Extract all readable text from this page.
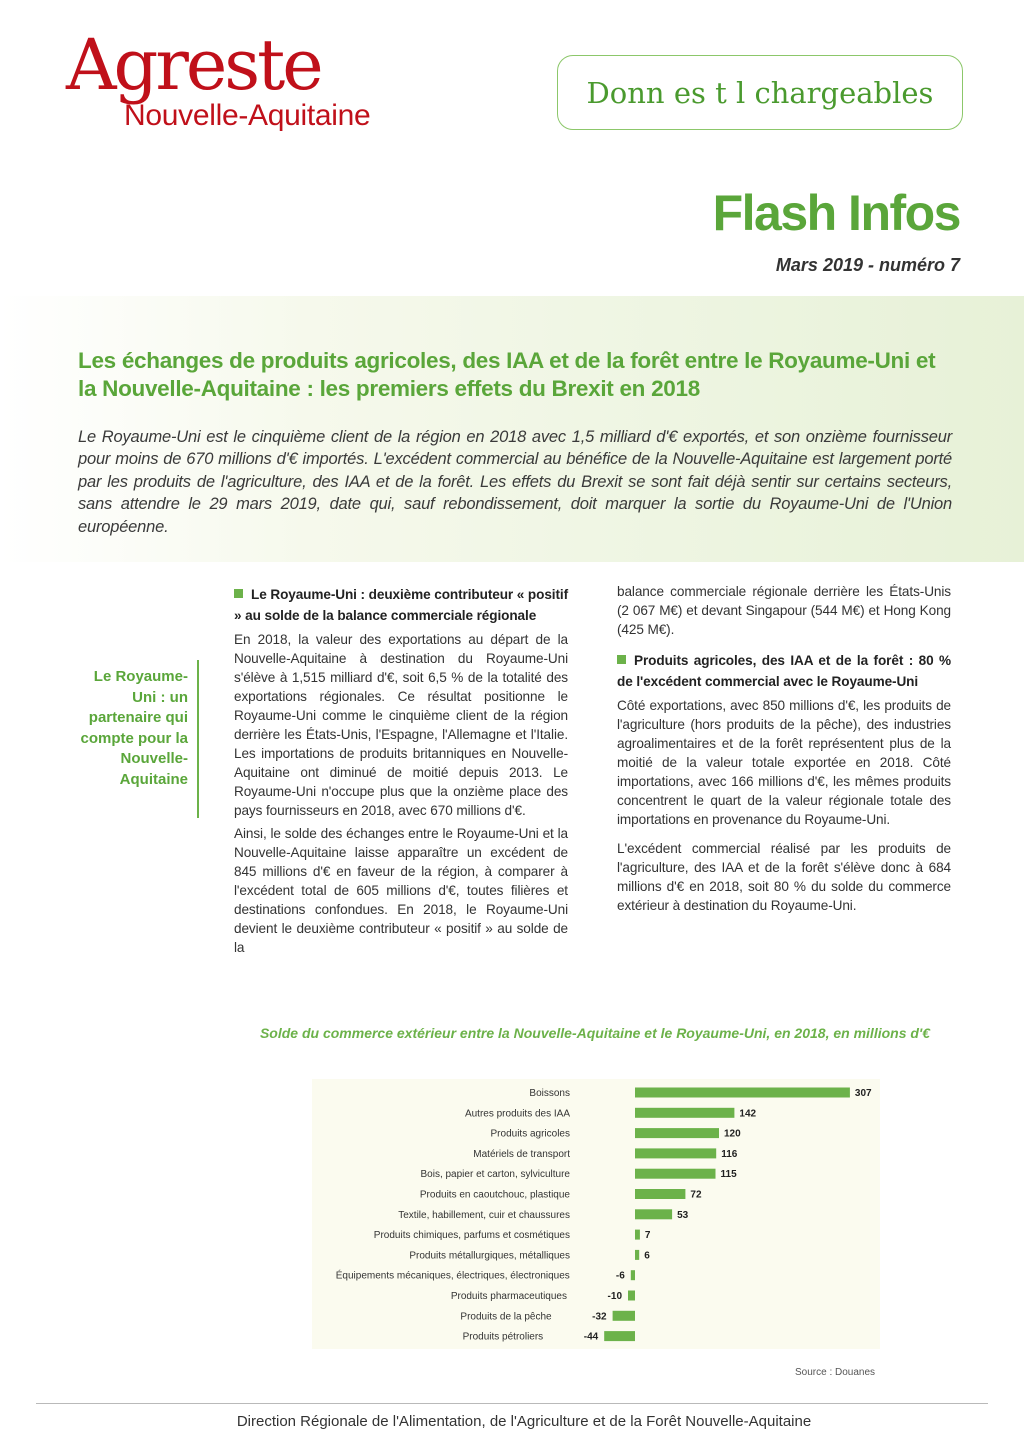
Agreste
Nouvelle-Aquitaine
Donn es t l chargeables
Flash Infos
Mars 2019 - numéro 7
Les échanges de produits agricoles, des IAA et de la forêt entre le Royaume-Uni et la Nouvelle-Aquitaine : les premiers effets du Brexit en 2018

Le Royaume-Uni est le cinquième client de la région en 2018 avec 1,5 milliard d'€ exportés, et son onzième fournisseur pour moins de 670 millions d'€ importés. L'excédent commercial au bénéfice de la Nouvelle-Aquitaine est largement porté par les produits de l'agriculture, des IAA et de la forêt. Les effets du Brexit se sont fait déjà sentir sur certains secteurs, sans attendre le 29 mars 2019, date qui, sauf rebondissement, doit marquer la sortie du Royaume-Uni de l'Union européenne.

Le Royaume-Uni : un partenaire qui compte pour la Nouvelle-Aquitaine

Le Royaume-Uni : deuxième contributeur « positif » au solde de la balance commerciale régionale

En 2018, la valeur des exportations au départ de la Nouvelle-Aquitaine à destination du Royaume-Uni s'élève à 1,515 milliard d'€, soit 6,5 % de la totalité des exportations régionales. Ce résultat positionne le Royaume-Uni comme le cinquième client de la région derrière les États-Unis, l'Espagne, l'Allemagne et l'Italie. Les importations de produits britanniques en Nouvelle-Aquitaine ont diminué de moitié depuis 2013. Le Royaume-Uni n'occupe plus que la onzième place des pays fournisseurs en 2018, avec 670 millions d'€.

Ainsi, le solde des échanges entre le Royaume-Uni et la Nouvelle-Aquitaine laisse apparaître un excédent de 845 millions d'€ en faveur de la région, à comparer à l'excédent total de 605 millions d'€, toutes filières et destinations confondues. En 2018, le Royaume-Uni devient le deuxième contributeur « positif » au solde de la

balance commerciale régionale derrière les États-Unis (2 067 M€) et devant Singapour (544 M€) et Hong Kong (425 M€).

Produits agricoles, des IAA et de la forêt : 80 % de l'excédent commercial avec le Royaume-Uni

Côté exportations, avec 850 millions d'€, les produits de l'agriculture (hors produits de la pêche), des industries agroalimentaires et de la forêt représentent plus de la moitié de la valeur totale exportée en 2018. Côté importations, avec 166 millions d'€, les mêmes produits concentrent le quart de la valeur régionale totale des importations en provenance du Royaume-Uni.

L'excédent commercial réalisé par les produits de l'agriculture, des IAA et de la forêt s'élève donc à 684 millions d'€ en 2018, soit 80 % du solde du commerce extérieur à destination du Royaume-Uni.

Solde du commerce extérieur entre la Nouvelle-Aquitaine et le Royaume-Uni, en 2018, en millions d'€

Boissons	307
Autres produits des IAA	142
Produits agricoles	120
Matériels de transport	116
Bois, papier et carton, sylviculture	115
Produits en caoutchouc, plastique	72
Textile, habillement, cuir et chaussures	53
Produits chimiques, parfums et cosmétiques	7
Produits métallurgiques, métalliques	6
Équipements mécaniques, électriques, électroniques	-6
Produits pharmaceutiques	-10
Produits de la pêche	-32
Produits pétroliers	-44
Source : Douanes
Direction Régionale de l'Alimentation, de l'Agriculture et de la Forêt Nouvelle-Aquitaine
